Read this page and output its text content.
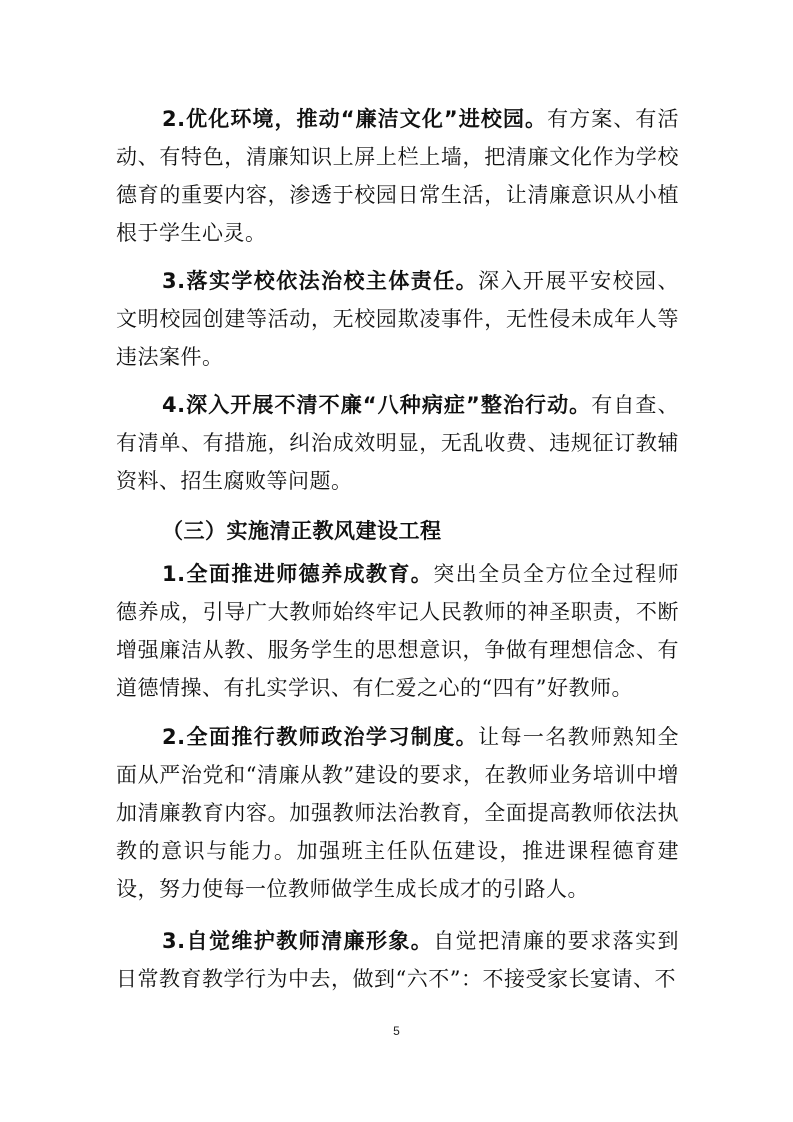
2.优化环境，推动“廉洁文化”进校园。有方案、有活动、有特色，清廉知识上屏上栏上墙，把清廉文化作为学校德育的重要内容，渗透于校园日常生活，让清廉意识从小植根于学生心灵。

3.落实学校依法治校主体责任。深入开展平安校园、文明校园创建等活动，无校园欺凌事件，无性侵未成年人等违法案件。

4.深入开展不清不廉“八种病症”整治行动。有自查、有清单、有措施，纠治成效明显，无乱收费、违规征订教辅资料、招生腐败等问题。

（三）实施清正教风建设工程

1.全面推进师德养成教育。突出全员全方位全过程师德养成，引导广大教师始终牢记人民教师的神圣职责，不断增强廉洁从教、服务学生的思想意识，争做有理想信念、有道德情操、有扎实学识、有仁爱之心的“四有”好教师。

2.全面推行教师政治学习制度。让每一名教师熟知全面从严治党和“清廉从教”建设的要求，在教师业务培训中增加清廉教育内容。加强教师法治教育，全面提高教师依法执教的意识与能力。加强班主任队伍建设，推进课程德育建设，努力使每一位教师做学生成长成才的引路人。

3.自觉维护教师清廉形象。自觉把清廉的要求落实到日常教育教学行为中去，做到“六不”：不接受家长宴请、不

5
